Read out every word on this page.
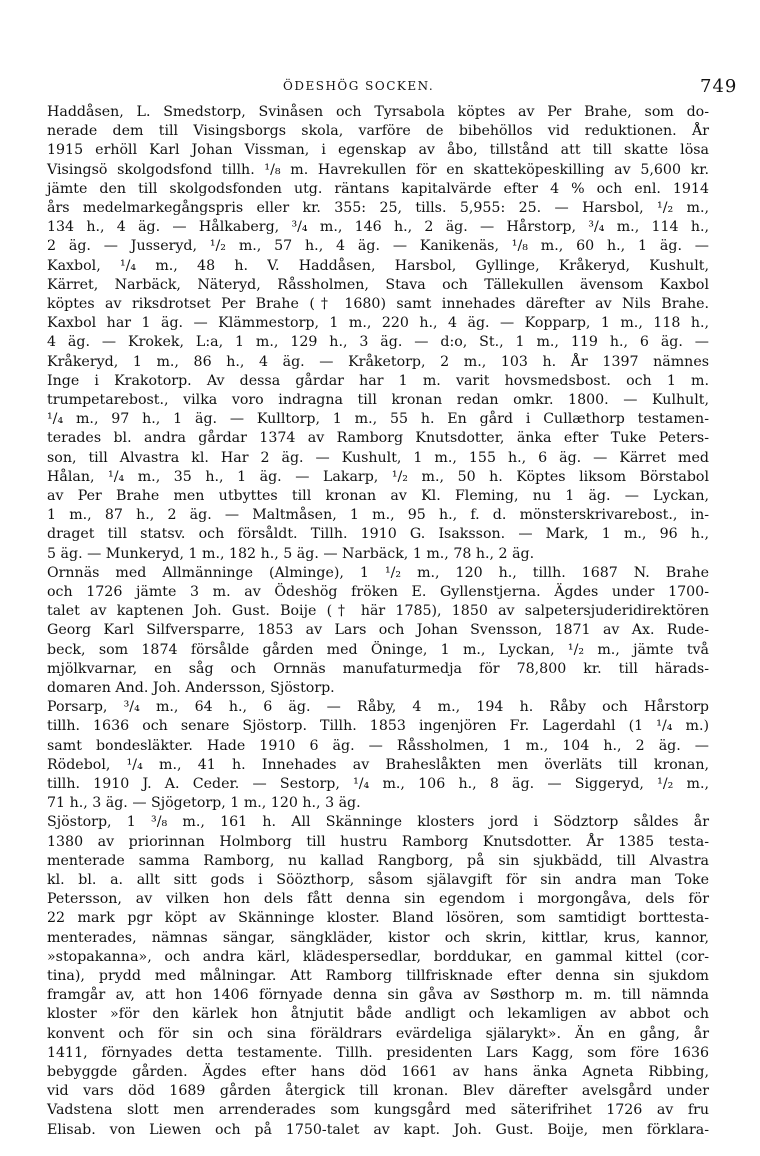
ÖDESHÖG SOCKEN.	749
Haddåsen, L. Smedstorp, Svinåsen och Tyrsabola köptes av Per Brahe, som do-
nerade dem till Visingsborgs skola, varföre de bibehöllos vid reduktionen. År
1915 erhöll Karl Johan Vissman, i egenskap av åbo, tillstånd att till skatte lösa
Visingsö skolgodsfond tillh. ¹/₈ m. Havrekullen för en skatteköpeskilling av 5,600 kr.
jämte den till skolgodsfonden utg. räntans kapitalvärde efter 4 % och enl. 1914
års medelmarkegångspris eller kr. 355: 25, tills. 5,955: 25. — Harsbol, ¹/₂ m.,
134 h., 4 äg. — Hålkaberg, ³/₄ m., 146 h., 2 äg. — Hårstorp, ³/₄ m., 114 h.,
2 äg. — Jusseryd, ¹/₂ m., 57 h., 4 äg. — Kanikenäs, ¹/₈ m., 60 h., 1 äg. —
Kaxbol, ¹/₄ m., 48 h. V. Haddåsen, Harsbol, Gyllinge, Kråkeryd, Kushult,
Kärret, Narbäck, Näteryd, Råssholmen, Stava och Tällekullen ävensom Kaxbol
köptes av riksdrotset Per Brahe († 1680) samt innehades därefter av Nils Brahe.
Kaxbol har 1 äg. — Klämmestorp, 1 m., 220 h., 4 äg. — Kopparp, 1 m., 118 h.,
4 äg. — Krokek, L:a, 1 m., 129 h., 3 äg. — d:o, St., 1 m., 119 h., 6 äg. —
Kråkeryd, 1 m., 86 h., 4 äg. — Kråketorp, 2 m., 103 h. År 1397 nämnes
Inge i Krakotorp. Av dessa gårdar har 1 m. varit hovsmedsbost. och 1 m.
trumpetarebost., vilka voro indragna till kronan redan omkr. 1800. — Kulhult,
¹/₄ m., 97 h., 1 äg. — Kulltorp, 1 m., 55 h. En gård i Cullæthorp testamen-
terades bl. andra gårdar 1374 av Ramborg Knutsdotter, änka efter Tuke Peters-
son, till Alvastra kl. Har 2 äg. — Kushult, 1 m., 155 h., 6 äg. — Kärret med
Hålan, ¹/₄ m., 35 h., 1 äg. — Lakarp, ¹/₂ m., 50 h. Köptes liksom Börstabol
av Per Brahe men utbyttes till kronan av Kl. Fleming, nu 1 äg. — Lyckan,
1 m., 87 h., 2 äg. — Maltmåsen, 1 m., 95 h., f. d. mönsterskrivarebost., in-
draget till statsv. och försåldt. Tillh. 1910 G. Isaksson. — Mark, 1 m., 96 h.,
5 äg. — Munkeryd, 1 m., 182 h., 5 äg. — Narbäck, 1 m., 78 h., 2 äg.
Ornnäs med Allmänninge (Alminge), 1 ¹/₂ m., 120 h., tillh. 1687 N. Brahe
och 1726 jämte 3 m. av Ödeshög fröken E. Gyllenstjerna. Ägdes under 1700-
talet av kaptenen Joh. Gust. Boije († här 1785), 1850 av salpetersjuderidirektören
Georg Karl Silfversparre, 1853 av Lars och Johan Svensson, 1871 av Ax. Rude-
beck, som 1874 försålde gården med Öninge, 1 m., Lyckan, ¹/₂ m., jämte två
mjölkvarnar, en såg och Ornnäs manufaturmedja för 78,800 kr. till härads-
domaren And. Joh. Andersson, Sjöstorp.
Porsarp, ³/₄ m., 64 h., 6 äg. — Råby, 4 m., 194 h. Råby och Hårstorp
tillh. 1636 och senare Sjöstorp. Tillh. 1853 ingenjören Fr. Lagerdahl (1 ¹/₄ m.)
samt bondesläkter. Hade 1910 6 äg. — Råssholmen, 1 m., 104 h., 2 äg. —
Rödebol, ¹/₄ m., 41 h. Innehades av Braheslåkten men överläts till kronan,
tillh. 1910 J. A. Ceder. — Sestorp, ¹/₄ m., 106 h., 8 äg. — Siggeryd, ¹/₂ m.,
71 h., 3 äg. — Sjögetorp, 1 m., 120 h., 3 äg.
Sjöstorp, 1 ³/₈ m., 161 h. All Skänninge klosters jord i Södztorp såldes år
1380 av priorinnan Holmborg till hustru Ramborg Knutsdotter. År 1385 testa-
menterade samma Ramborg, nu kallad Rangborg, på sin sjukbädd, till Alvastra
kl. bl. a. allt sitt gods i Söözthorp, såsom själavgift för sin andra man Toke
Petersson, av vilken hon dels fått denna sin egendom i morgongåva, dels för
22 mark pgr köpt av Skänninge kloster. Bland lösören, som samtidigt borttesta-
menterades, nämnas sängar, sängkläder, kistor och skrin, kittlar, krus, kannor,
»stopakanna», och andra kärl, klädespersedlar, borddukar, en gammal kittel (cor-
tina), prydd med målningar. Att Ramborg tillfrisknade efter denna sin sjukdom
framgår av, att hon 1406 förnyade denna sin gåva av Søsthorp m. m. till nämnda
kloster »för den kärlek hon åtnjutit både andligt och lekamligen av abbot och
konvent och för sin och sina föräldrars evärdeliga själarykt». Än en gång, år
1411, förnyades detta testamente. Tillh. presidenten Lars Kagg, som före 1636
bebyggde gården. Ägdes efter hans död 1661 av hans änka Agneta Ribbing,
vid vars död 1689 gården återgick till kronan. Blev därefter avelsgård under
Vadstena slott men arrenderades som kungsgård med säterifrihet 1726 av fru
Elisab. von Liewen och på 1750-talet av kapt. Joh. Gust. Boije, men förklara-
